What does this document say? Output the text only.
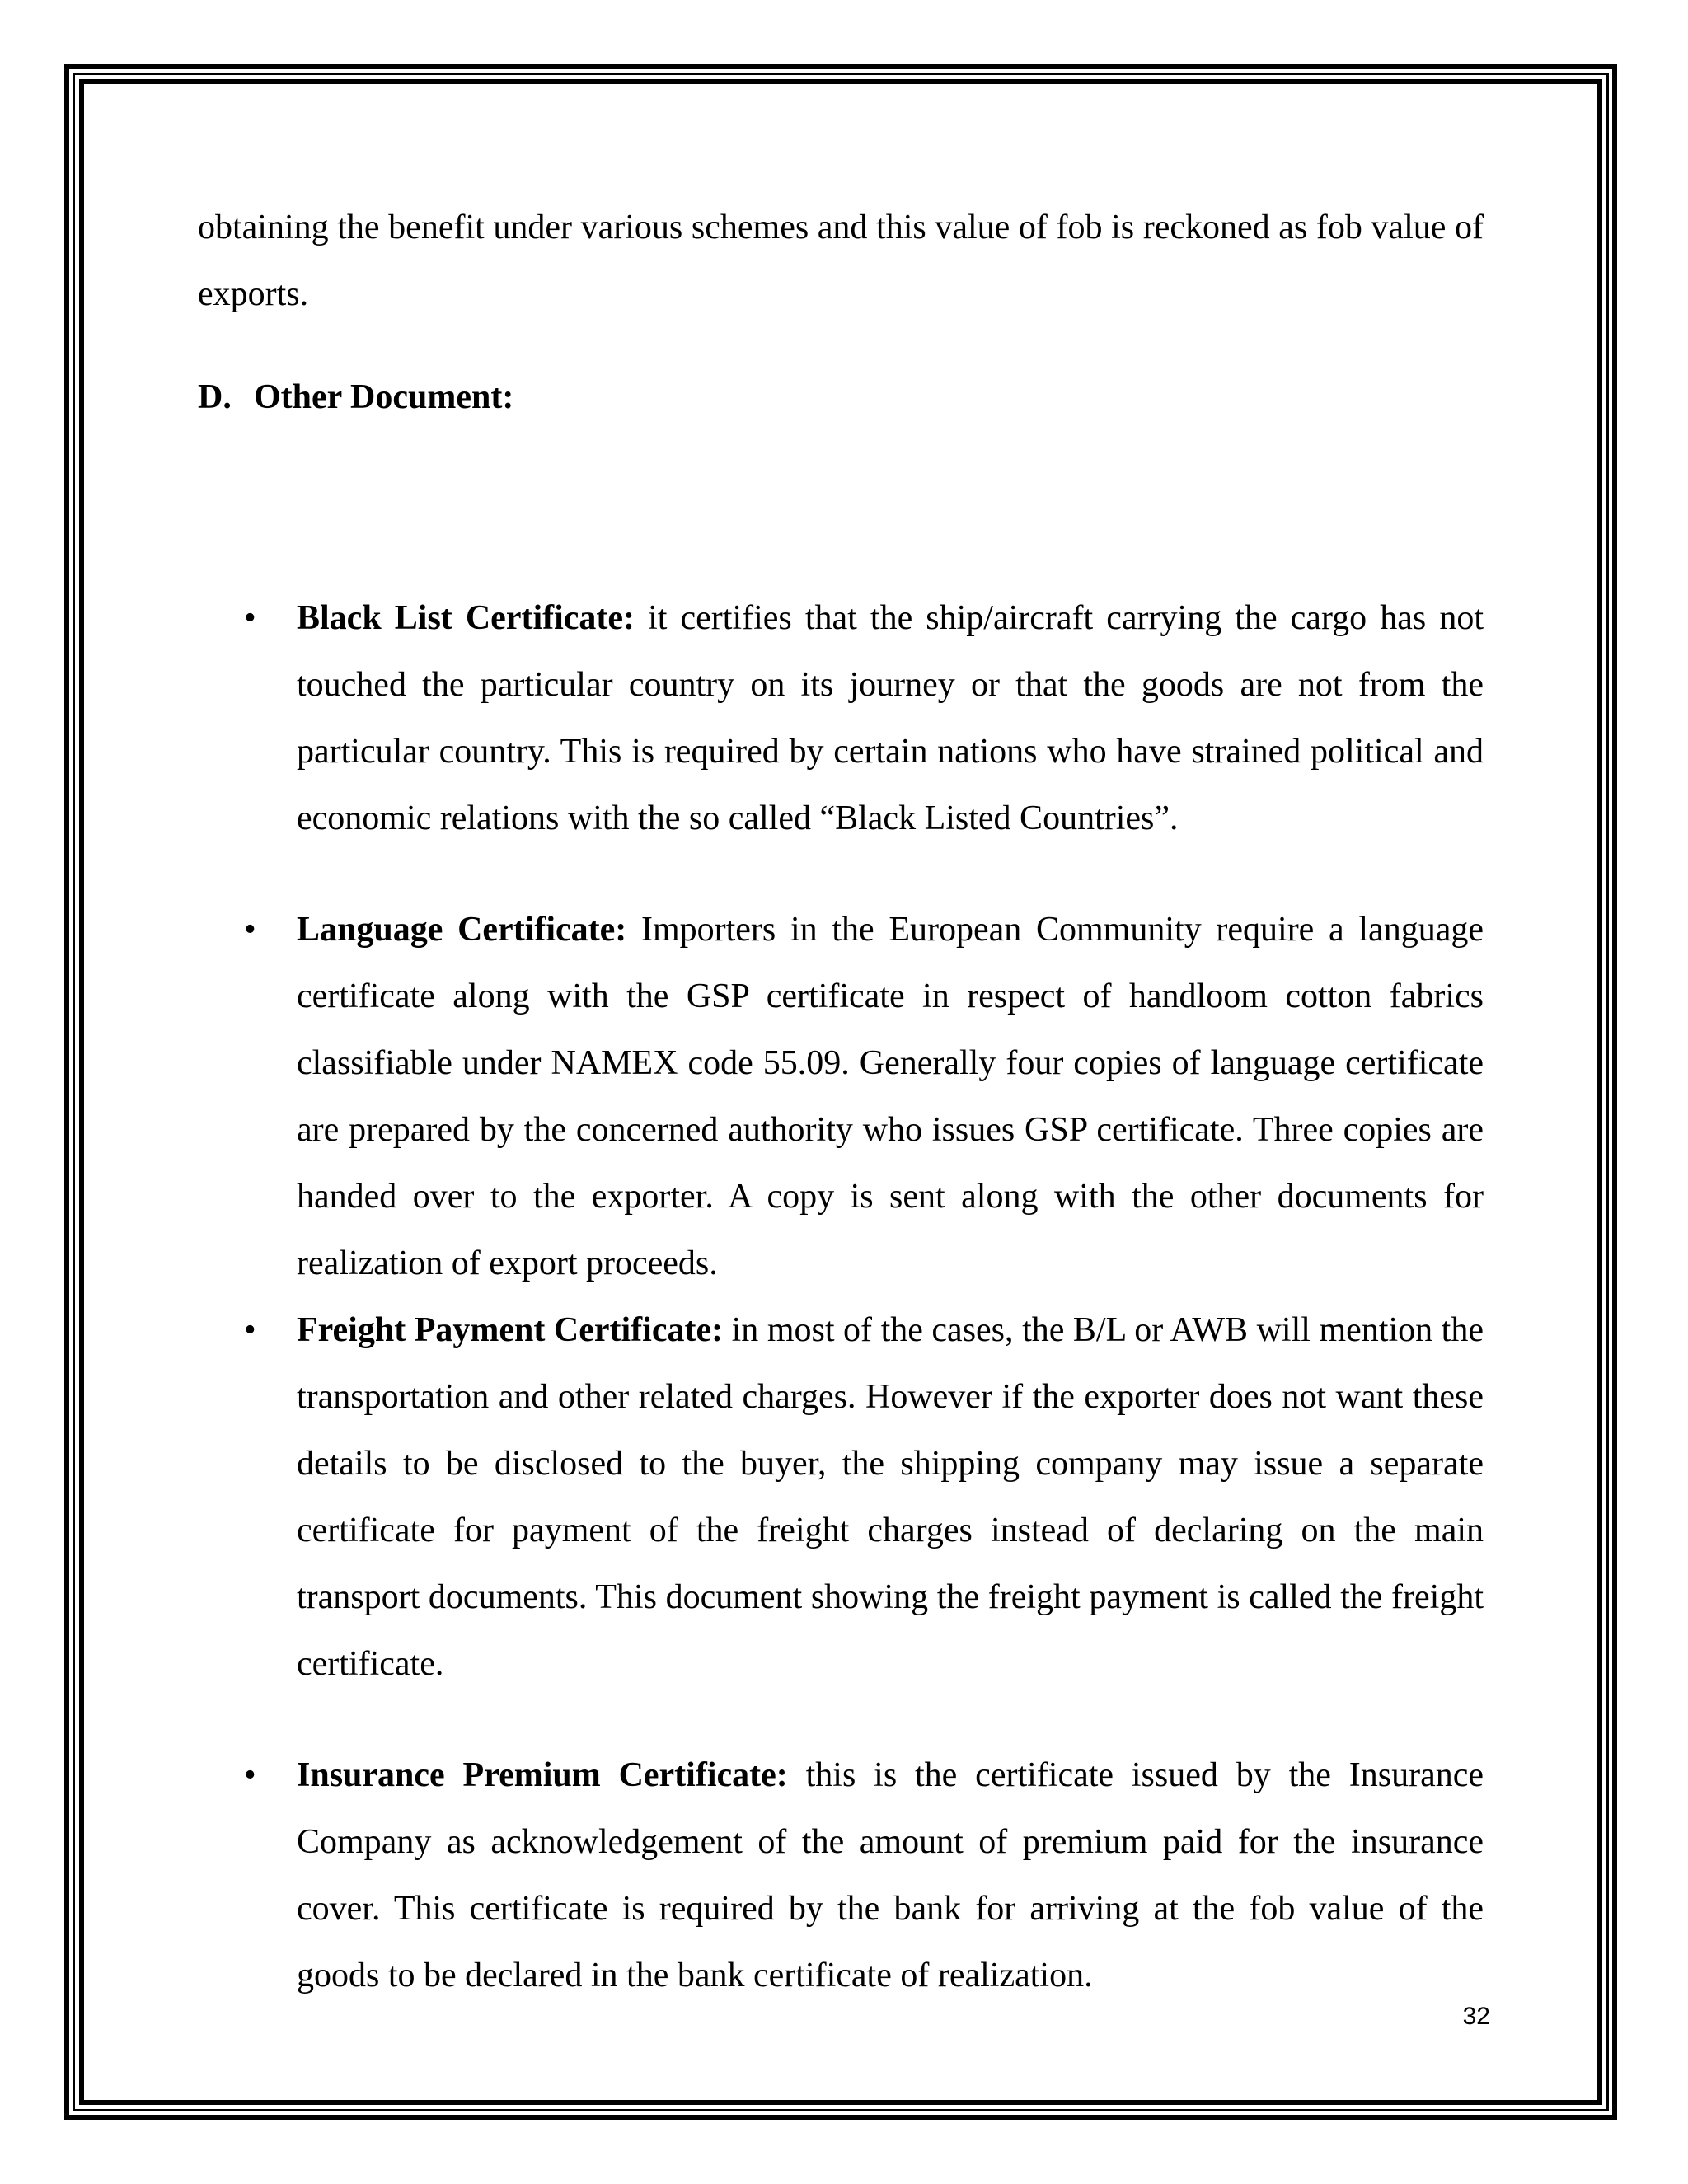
obtaining the benefit under various schemes and this value of fob is reckoned as fob value of exports.

D. Other Document:

• Black List Certificate: it certifies that the ship/aircraft carrying the cargo has not touched the particular country on its journey or that the goods are not from the particular country. This is required by certain nations who have strained political and economic relations with the so called “Black Listed Countries”.
• Language Certificate: Importers in the European Community require a language certificate along with the GSP certificate in respect of handloom cotton fabrics classifiable under NAMEX code 55.09. Generally four copies of language certificate are prepared by the concerned authority who issues GSP certificate. Three copies are handed over to the exporter. A copy is sent along with the other documents for realization of export proceeds.
• Freight Payment Certificate: in most of the cases, the B/L or AWB will mention the transportation and other related charges. However if the exporter does not want these details to be disclosed to the buyer, the shipping company may issue a separate certificate for payment of the freight charges instead of declaring on the main transport documents. This document showing the freight payment is called the freight certificate.
• Insurance Premium Certificate: this is the certificate issued by the Insurance Company as acknowledgement of the amount of premium paid for the insurance cover. This certificate is required by the bank for arriving at the fob value of the goods to be declared in the bank certificate of realization.
32
